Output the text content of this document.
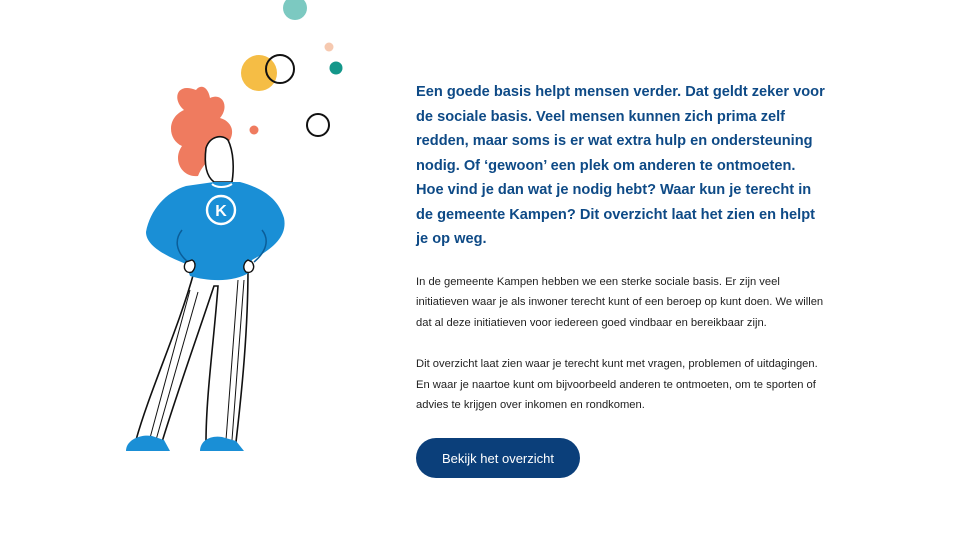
K

Een goede basis helpt mensen verder. Dat geldt zeker voor de sociale basis. Veel mensen kunnen zich prima zelf redden, maar soms is er wat extra hulp en ondersteuning nodig. Of ‘gewoon’ een plek om anderen te ontmoeten. Hoe vind je dan wat je nodig hebt? Waar kun je terecht in de gemeente Kampen? Dit overzicht laat het zien en helpt je op weg.

In de gemeente Kampen hebben we een sterke sociale basis. Er zijn veel initiatieven waar je als inwoner terecht kunt of een beroep op kunt doen. We willen dat al deze initiatieven voor iedereen goed vindbaar en bereikbaar zijn.

Dit overzicht laat zien waar je terecht kunt met vragen, problemen of uitdagingen. En waar je naartoe kunt om bijvoorbeeld anderen te ontmoeten, om te sporten of advies te krijgen over inkomen en rondkomen.

Bekijk het overzicht
